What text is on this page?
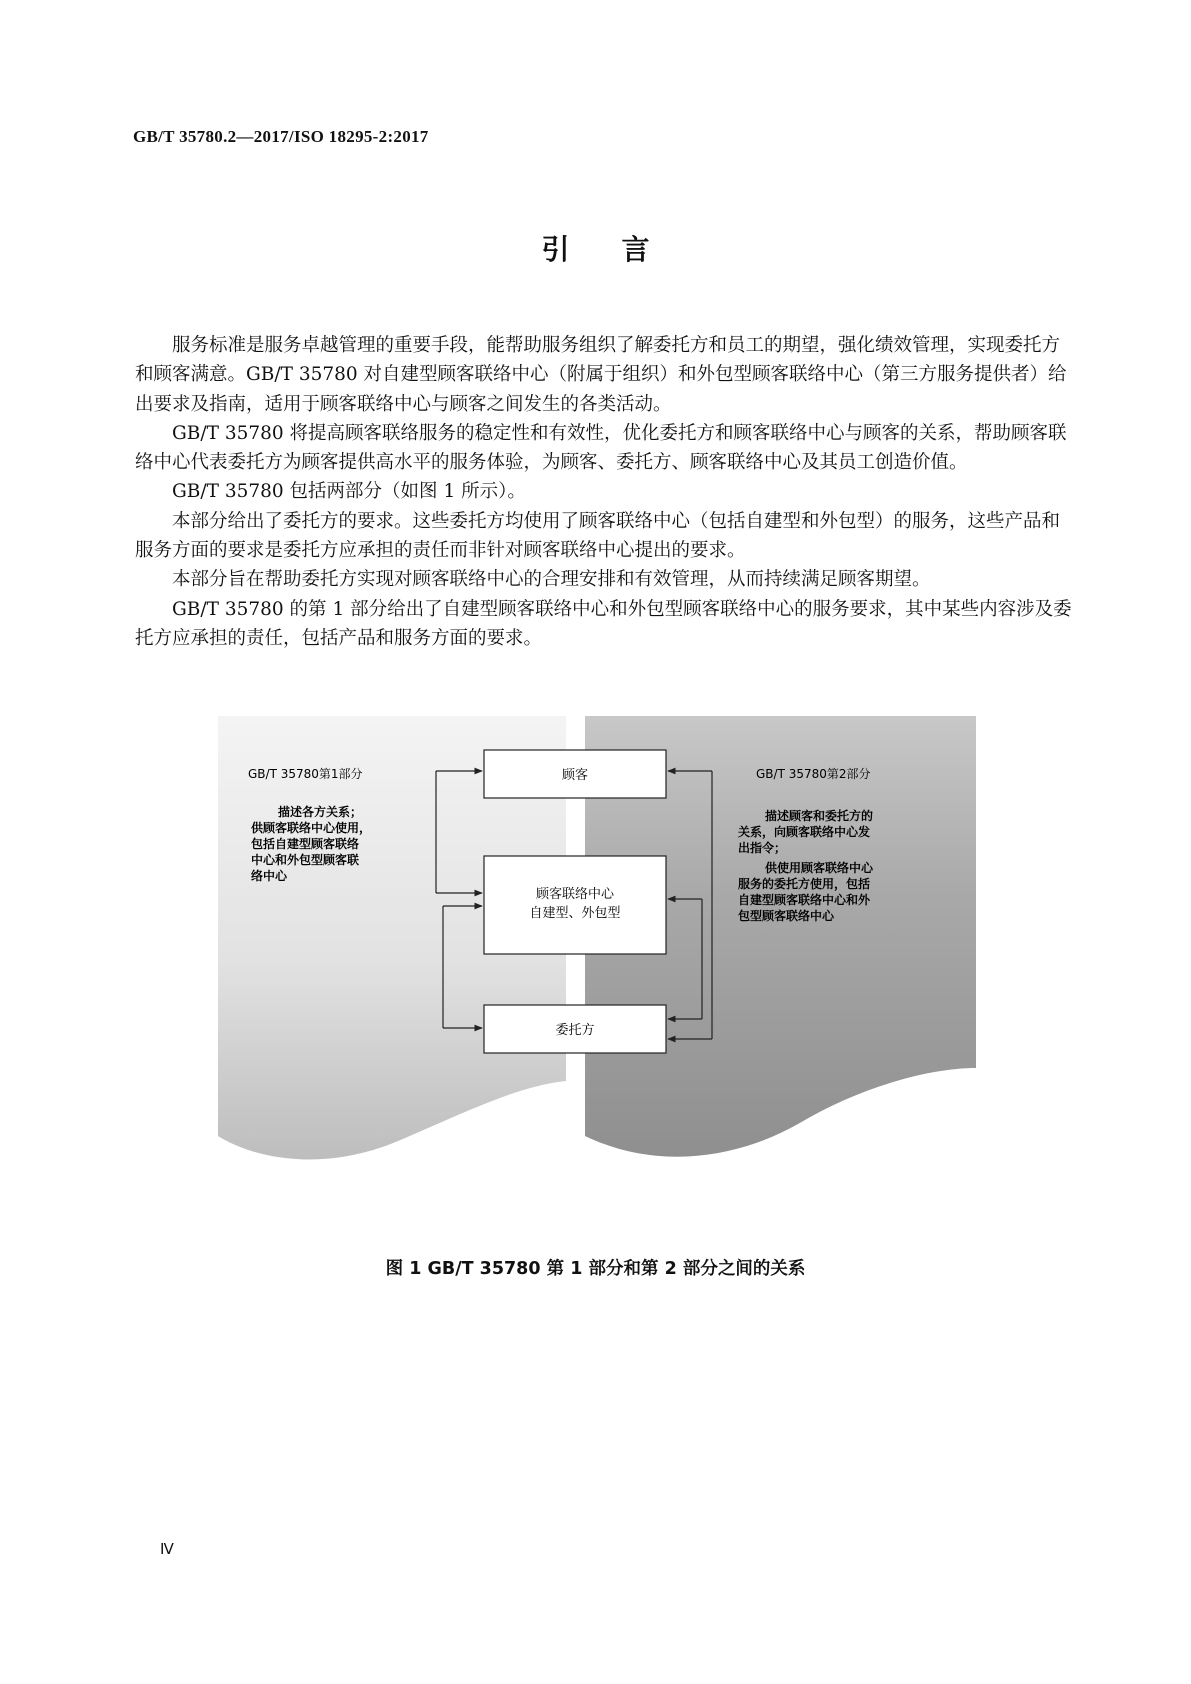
GB/T 35780.2—2017/ISO 18295-2:2017
引言

服务标准是服务卓越管理的重要手段，能帮助服务组织了解委托方和员工的期望，强化绩效管理，实现委托方和顾客满意。GB/T 35780 对自建型顾客联络中心（附属于组织）和外包型顾客联络中心（第三方服务提供者）给出要求及指南，适用于顾客联络中心与顾客之间发生的各类活动。

GB/T 35780 将提高顾客联络服务的稳定性和有效性，优化委托方和顾客联络中心与顾客的关系，帮助顾客联络中心代表委托方为顾客提供高水平的服务体验，为顾客、委托方、顾客联络中心及其员工创造价值。

GB/T 35780 包括两部分（如图 1 所示）。

本部分给出了委托方的要求。这些委托方均使用了顾客联络中心（包括自建型和外包型）的服务，这些产品和服务方面的要求是委托方应承担的责任而非针对顾客联络中心提出的要求。

本部分旨在帮助委托方实现对顾客联络中心的合理安排和有效管理，从而持续满足顾客期望。

GB/T 35780 的第 1 部分给出了自建型顾客联络中心和外包型顾客联络中心的服务要求，其中某些内容涉及委托方应承担的责任，包括产品和服务方面的要求。

GB/T 35780第1部分
描述各方关系； 供顾客联络中心使用， 包括自建型顾客联络 中心和外包型顾客联 络中心
GB/T 35780第2部分
描述顾客和委托方的 关系，向顾客联络中心发 出指令； 供使用顾客联络中心 服务的委托方使用，包括 自建型顾客联络中心和外 包型顾客联络中心
顾客
顾客联络中心
自建型、外包型
委托方
图 1 GB/T 35780 第 1 部分和第 2 部分之间的关系
Ⅳ
